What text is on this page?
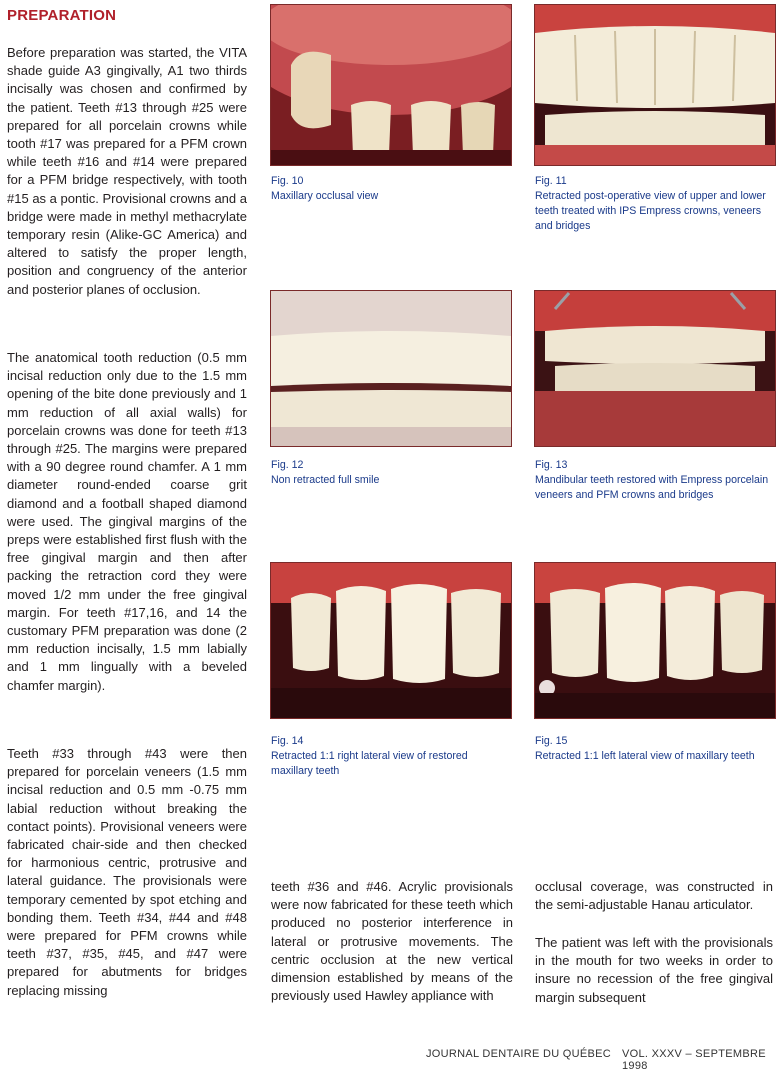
PREPARATION

Before preparation was started, the VITA shade guide A3 gingivally, A1 two thirds incisally was chosen and confirmed by the patient. Teeth #13 through #25 were prepared for all porcelain crowns while tooth #17 was prepared for a PFM crown while teeth #16 and #14 were prepared for a PFM bridge respectively, with tooth #15 as a pontic. Provisional crowns and a bridge were made in methyl methacrylate temporary resin (Alike-GC America) and altered to satisfy the proper length, position and congruency of the anterior and posterior planes of occlusion.

The anatomical tooth reduction (0.5 mm incisal reduction only due to the 1.5 mm opening of the bite done previously and 1 mm reduction of all axial walls) for porcelain crowns was done for teeth #13 through #25. The margins were prepared with a 90 degree round chamfer. A 1 mm diameter round-ended coarse grit diamond and a football shaped diamond were used. The gingival margins of the preps were established first flush with the free gingival margin and then after packing the retraction cord they were moved 1/2 mm under the free gingival margin. For teeth #17,16, and 14 the customary PFM preparation was done (2 mm reduction incisally, 1.5 mm labially and 1 mm lingually with a beveled chamfer margin).

Teeth #33 through #43 were then prepared for porcelain veneers (1.5 mm incisal reduction and 0.5 mm -0.75 mm labial reduction without breaking the contact points). Provisional veneers were fabricated chair-side and then checked for harmonious centric, protrusive and lateral guidance. The provisionals were temporary cemented by spot etching and bonding them. Teeth #34, #44 and #48 were prepared for PFM crowns while teeth #37, #35, #45, and #47 were prepared for abutments for bridges replacing missing

teeth #36 and #46. Acrylic provisionals were now fabricated for these teeth which produced no posterior interference in lateral or protrusive movements. The centric occlusion at the new vertical dimension established by means of the previously used Hawley appliance with

occlusal coverage, was constructed in the semi-adjustable Hanau articulator.

The patient was left with the provisionals in the mouth for two weeks in order to insure no recession of the free gingival margin subsequent

Fig. 10
Maxillary occlusal view
Fig. 11
Retracted post-operative view of upper and lower teeth treated with IPS Empress crowns, veneers and bridges
Fig. 12
Non retracted full smile
Fig. 13
Mandibular teeth restored with Empress porcelain veneers and PFM crowns and bridges
Fig. 14
Retracted 1:1 right lateral view of restored maxillary teeth
Fig. 15
Retracted 1:1 left lateral view of maxillary teeth
JOURNAL DENTAIRE DU QUÉBEC VOL. XXXV – SEPTEMBRE 1998
